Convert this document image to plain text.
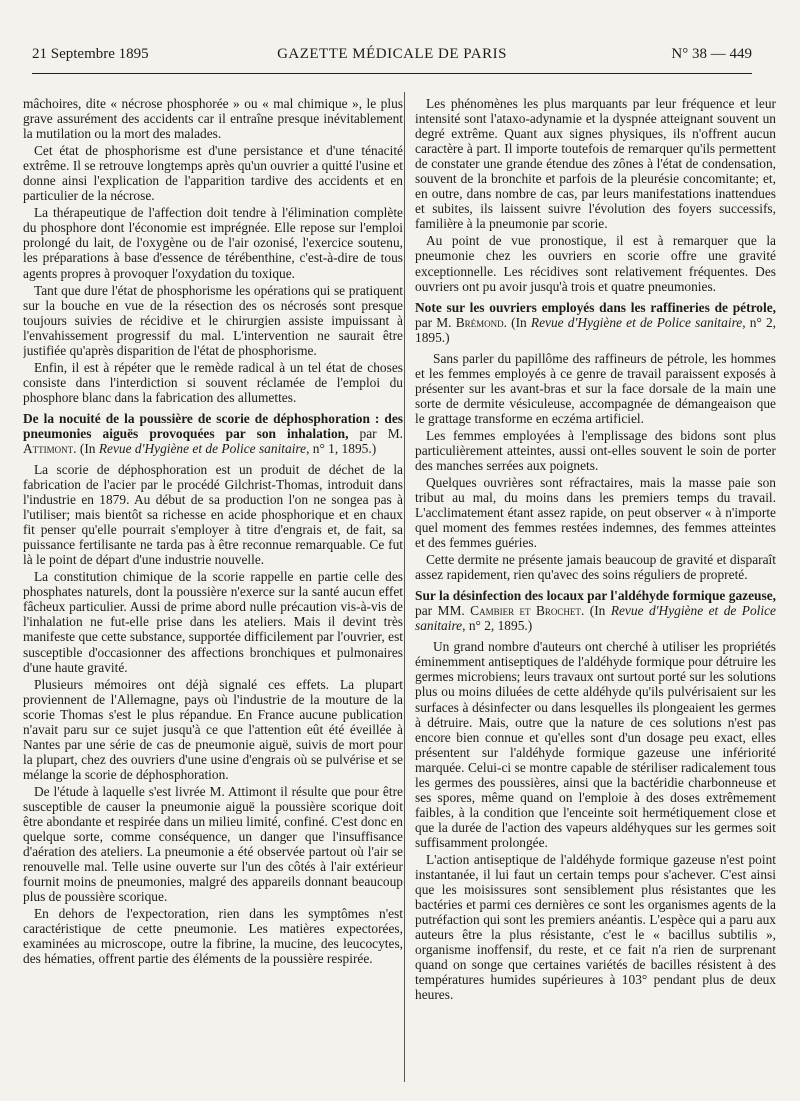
21 Septembre 1895	GAZETTE MÉDICALE DE PARIS	N° 38 — 449

mâchoires, dite « nécrose phosphorée » ou « mal chimique », le plus grave assurément des accidents car il entraîne presque inévitablement la mutilation ou la mort des malades.

Cet état de phosphorisme est d'une persistance et d'une ténacité extrême. Il se retrouve longtemps après qu'un ouvrier a quitté l'usine et donne ainsi l'explication de l'apparition tardive des accidents et en particulier de la nécrose.

La thérapeutique de l'affection doit tendre à l'élimination complète du phosphore dont l'économie est imprégnée. Elle repose sur l'emploi prolongé du lait, de l'oxygène ou de l'air ozonisé, l'exercice soutenu, les préparations à base d'essence de térébenthine, c'est-à-dire de tous agents propres à provoquer l'oxydation du toxique.

Tant que dure l'état de phosphorisme les opérations qui se pratiquent sur la bouche en vue de la résection des os nécrosés sont presque toujours suivies de récidive et le chirurgien assiste impuissant à l'envahissement progressif du mal. L'intervention ne saurait être justifiée qu'après disparition de l'état de phosphorisme.

Enfin, il est à répéter que le remède radical à un tel état de choses consiste dans l'interdiction si souvent réclamée de l'emploi du phosphore blanc dans la fabrication des allumettes.

De la nocuité de la poussière de scorie de déphosphoration : des pneumonies aiguës provoquées par son inhalation, par M. Attimont. (In Revue d'Hygiène et de Police sanitaire, n° 1, 1895.)

La scorie de déphosphoration est un produit de déchet de la fabrication de l'acier par le procédé Gilchrist-Thomas, introduit dans l'industrie en 1879. Au début de sa production l'on ne songea pas à l'utiliser; mais bientôt sa richesse en acide phosphorique et en chaux fit penser qu'elle pourrait s'employer à titre d'engrais et, de fait, sa puissance fertilisante ne tarda pas à être reconnue remarquable. Ce fut là le point de départ d'une industrie nouvelle.

La constitution chimique de la scorie rappelle en partie celle des phosphates naturels, dont la poussière n'exerce sur la santé aucun effet fâcheux particulier. Aussi de prime abord nulle précaution vis-à-vis de l'inhalation ne fut-elle prise dans les ateliers. Mais il devint très manifeste que cette substance, supportée difficilement par l'ouvrier, est susceptible d'occasionner des affections bronchiques et pulmonaires d'une haute gravité.

Plusieurs mémoires ont déjà signalé ces effets. La plupart proviennent de l'Allemagne, pays où l'industrie de la mouture de la scorie Thomas s'est le plus répandue. En France aucune publication n'avait paru sur ce sujet jusqu'à ce que l'attention eût été éveillée à Nantes par une série de cas de pneumonie aiguë, suivis de mort pour la plupart, chez des ouvriers d'une usine d'engrais où se pulvérise et se mélange la scorie de déphosphoration.

De l'étude à laquelle s'est livrée M. Attimont il résulte que pour être susceptible de causer la pneumonie aiguë la poussière scorique doit être abondante et respirée dans un milieu limité, confiné. C'est donc en quelque sorte, comme conséquence, un danger que l'insuffisance d'aération des ateliers. La pneumonie a été observée partout où l'air se renouvelle mal. Telle usine ouverte sur l'un des côtés à l'air extérieur fournit moins de pneumonies, malgré des appareils donnant beaucoup plus de poussière scorique.

En dehors de l'expectoration, rien dans les symptômes n'est caractéristique de cette pneumonie. Les matières expectorées, examinées au microscope, outre la fibrine, la mucine, des leucocytes, des hématies, offrent partie des éléments de la poussière respirée.

Les phénomènes les plus marquants par leur fréquence et leur intensité sont l'ataxo-adynamie et la dyspnée atteignant souvent un degré extrême. Quant aux signes physiques, ils n'offrent aucun caractère à part. Il importe toutefois de remarquer qu'ils permettent de constater une grande étendue des zônes à l'état de condensation, souvent de la bronchite et parfois de la pleurésie concomitante; et, en outre, dans nombre de cas, par leurs manifestations inattendues et subites, ils laissent suivre l'évolution des foyers successifs, familière à la pneumonie par scorie.

Au point de vue pronostique, il est à remarquer que la pneumonie chez les ouvriers en scorie offre une gravité exceptionnelle. Les récidives sont relativement fréquentes. Des ouvriers ont pu avoir jusqu'à trois et quatre pneumonies.

Note sur les ouvriers employés dans les raffineries de pétrole, par M. Brémond. (In Revue d'Hygiène et de Police sanitaire, n° 2, 1895.)

Sans parler du papillôme des raffineurs de pétrole, les hommes et les femmes employés à ce genre de travail paraissent exposés à présenter sur les avant-bras et sur la face dorsale de la main une sorte de dermite vésiculeuse, accompagnée de démangeaison que le grattage transforme en eczéma artificiel.

Les femmes employées à l'emplissage des bidons sont plus particulièrement atteintes, aussi ont-elles souvent le soin de porter des manches serrées aux poignets.

Quelques ouvrières sont réfractaires, mais la masse paie son tribut au mal, du moins dans les premiers temps du travail. L'acclimatement étant assez rapide, on peut observer « à n'importe quel moment des femmes restées indemnes, des femmes atteintes et des femmes guéries.

Cette dermite ne présente jamais beaucoup de gravité et disparaît assez rapidement, rien qu'avec des soins réguliers de propreté.

Sur la désinfection des locaux par l'aldéhyde formique gazeuse, par MM. Cambier et Brochet. (In Revue d'Hygiène et de Police sanitaire, n° 2, 1895.)

Un grand nombre d'auteurs ont cherché à utiliser les propriétés éminemment antiseptiques de l'aldéhyde formique pour détruire les germes microbiens; leurs travaux ont surtout porté sur les solutions plus ou moins diluées de cette aldéhyde qu'ils pulvérisaient sur les surfaces à désinfecter ou dans lesquelles ils plongeaient les germes à détruire. Mais, outre que la nature de ces solutions n'est pas encore bien connue et qu'elles sont d'un dosage peu exact, elles présentent sur l'aldéhyde formique gazeuse une infériorité marquée. Celui-ci se montre capable de stériliser radicalement tous les germes des poussières, ainsi que la bactéridie charbonneuse et ses spores, même quand on l'emploie à des doses extrêmement faibles, à la condition que l'enceinte soit hermétiquement close et que la durée de l'action des vapeurs aldéhyques sur les germes soit suffisamment prolongée.

L'action antiseptique de l'aldéhyde formique gazeuse n'est point instantanée, il lui faut un certain temps pour s'achever. C'est ainsi que les moisissures sont sensiblement plus résistantes que les bactéries et parmi ces dernières ce sont les organismes agents de la putréfaction qui sont les premiers anéantis. L'espèce qui a paru aux auteurs être la plus résistante, c'est le « bacillus subtilis », organisme inoffensif, du reste, et ce fait n'a rien de surprenant quand on songe que certaines variétés de bacilles résistent à des températures humides supérieures à 103° pendant plus de deux heures.
